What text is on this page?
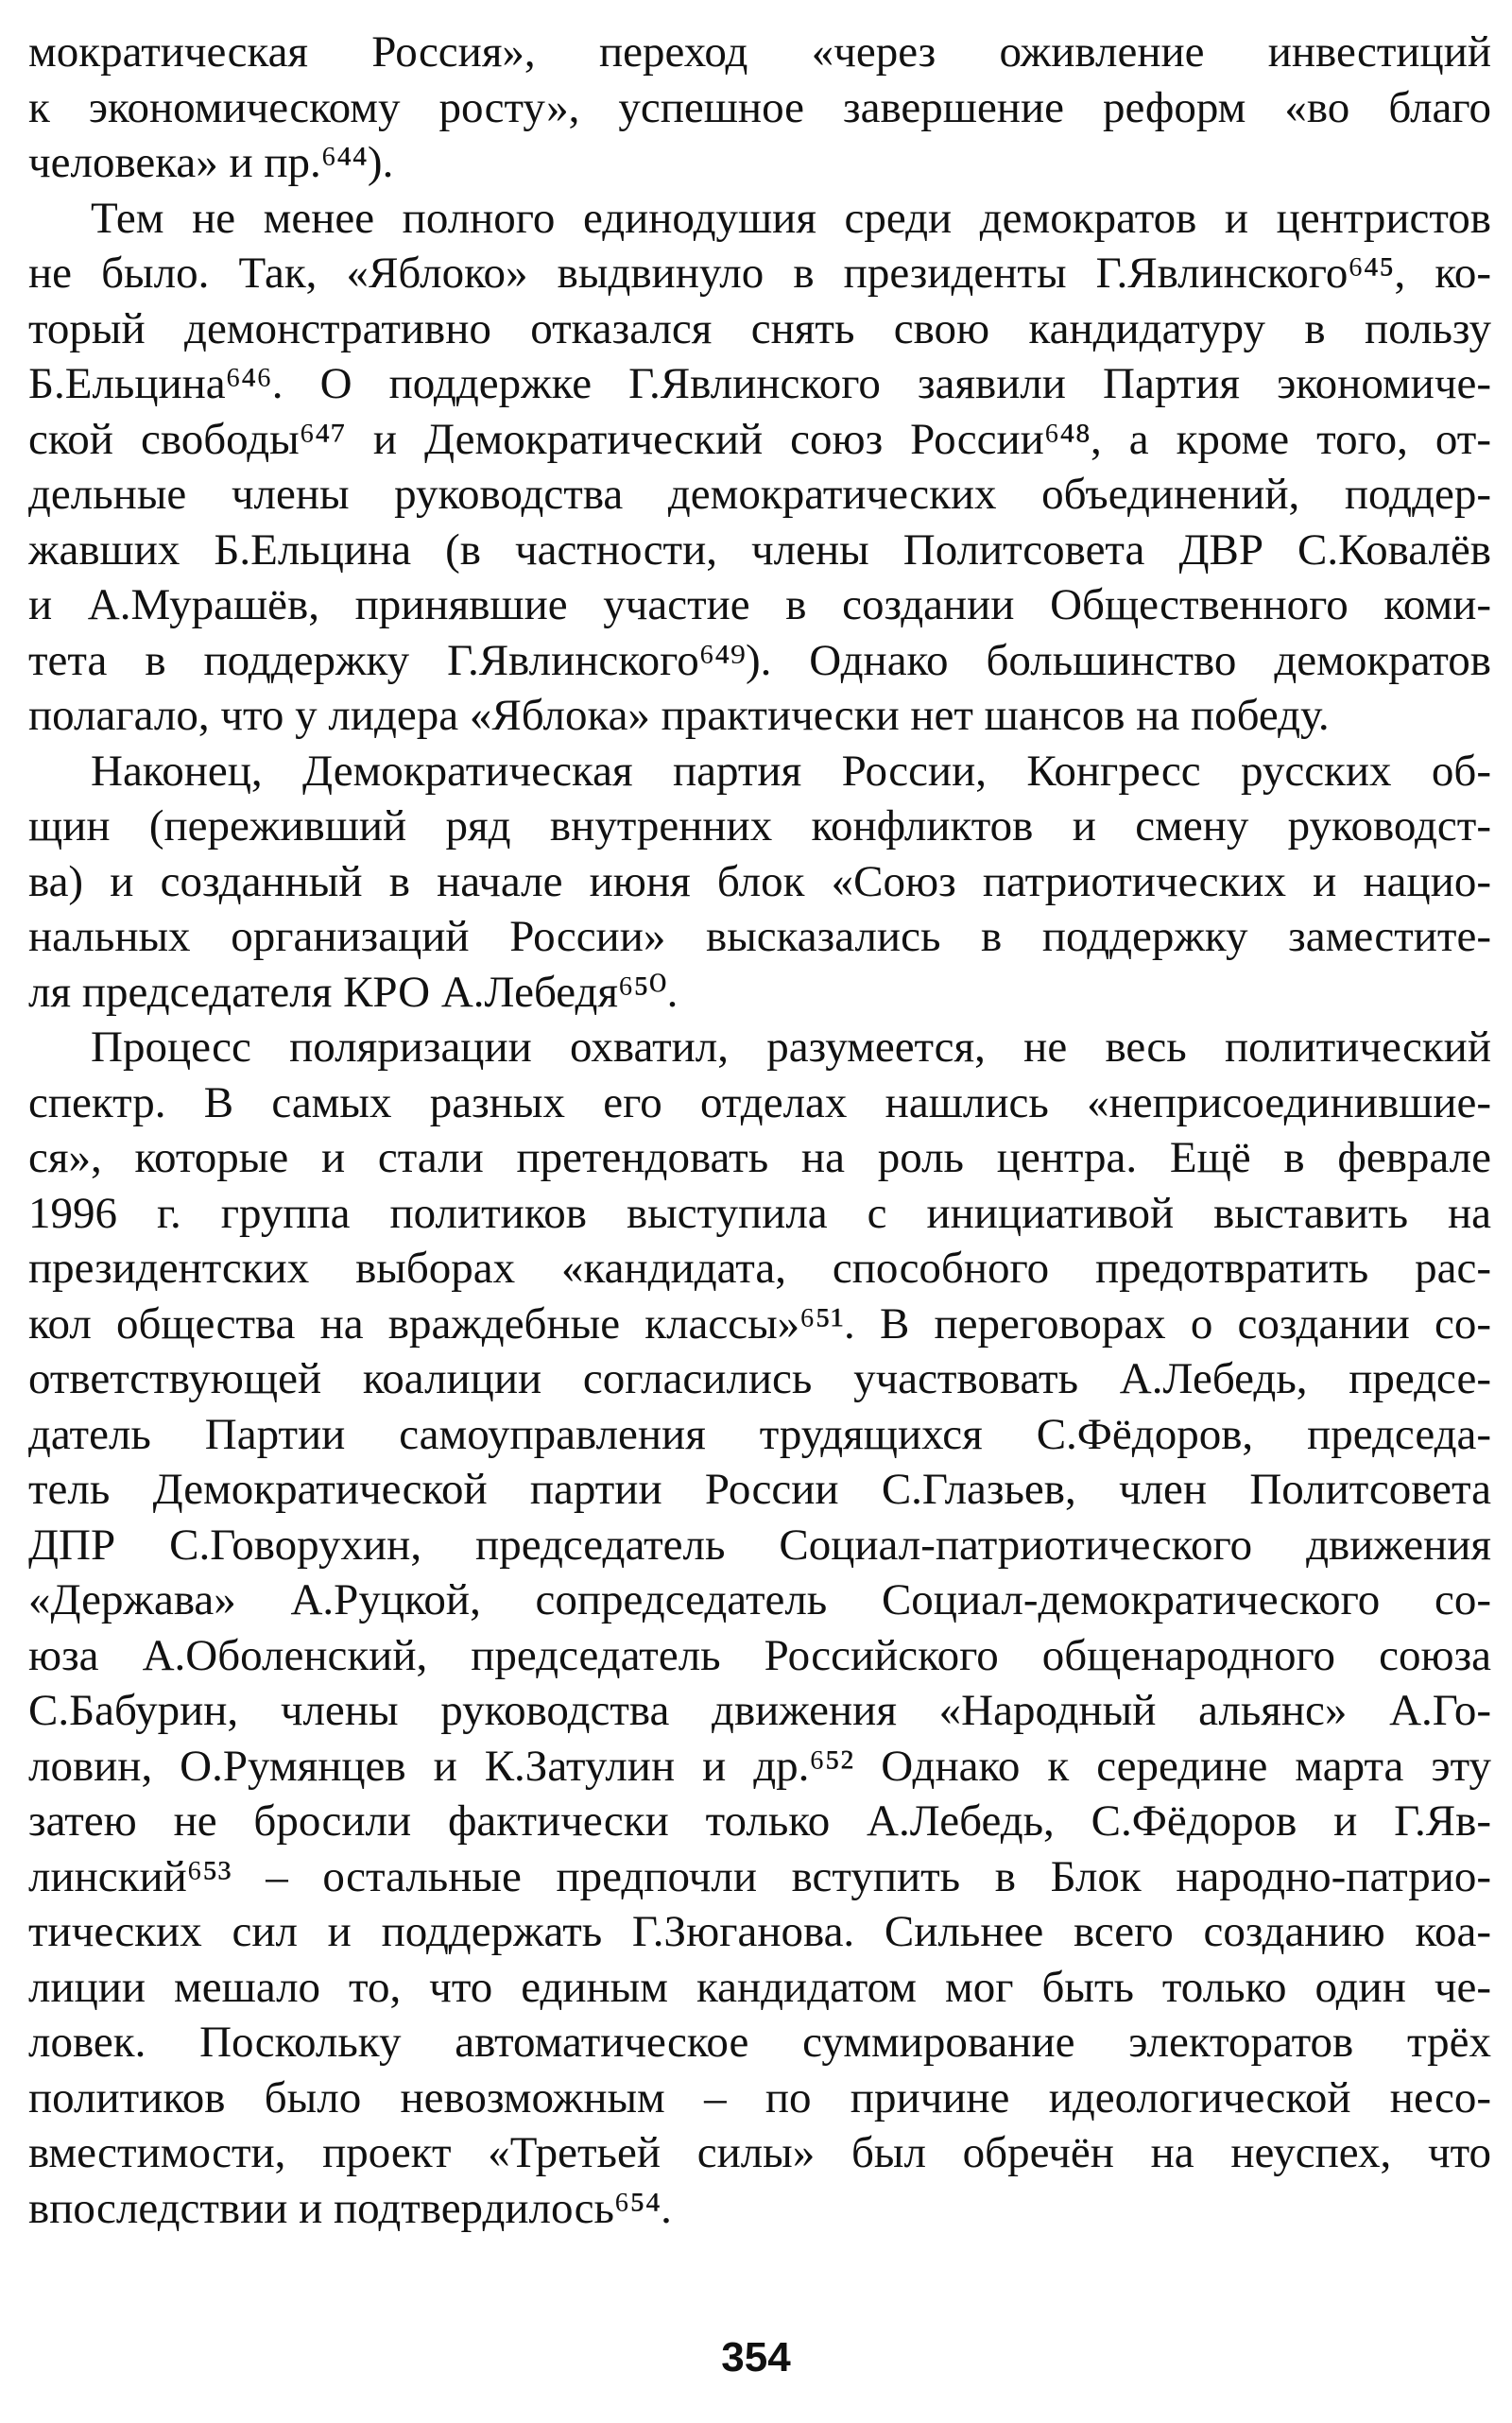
мократическая Россия», переход «через оживление инвестиций
к экономическому росту», успешное завершение реформ «во благо
человека» и пр.⁶⁴⁴).

Тем не менее полного единодушия среди демократов и центристов
не было. Так, «Яблоко» выдвинуло в президенты Г.Явлинского⁶⁴⁵, ко-
торый демонстративно отказался снять свою кандидатуру в пользу
Б.Ельцина⁶⁴⁶. О поддержке Г.Явлинского заявили Партия экономиче-
ской свободы⁶⁴⁷ и Демократический союз России⁶⁴⁸, а кроме того, от-
дельные члены руководства демократических объединений, поддер-
жавших Б.Ельцина (в частности, члены Политсовета ДВР С.Ковалёв
и А.Мурашёв, принявшие участие в создании Общественного коми-
тета в поддержку Г.Явлинского⁶⁴⁹). Однако большинство демократов
полагало, что у лидера «Яблока» практически нет шансов на победу.

Наконец, Демократическая партия России, Конгресс русских об-
щин (переживший ряд внутренних конфликтов и смену руководст-
ва) и созданный в начале июня блок «Союз патриотических и нацио-
нальных организаций России» высказались в поддержку заместите-
ля председателя КРО А.Лебедя⁶⁵⁰.

Процесс поляризации охватил, разумеется, не весь политический
спектр. В самых разных его отделах нашлись «неприсоединившие-
ся», которые и стали претендовать на роль центра. Ещё в феврале
1996 г. группа политиков выступила с инициативой выставить на
президентских выборах «кандидата, способного предотвратить рас-
кол общества на враждебные классы»⁶⁵¹. В переговорах о создании со-
ответствующей коалиции согласились участвовать А.Лебедь, предсе-
датель Партии самоуправления трудящихся С.Фёдоров, председа-
тель Демократической партии России С.Глазьев, член Политсовета
ДПР С.Говорухин, председатель Социал-патриотического движения
«Держава» А.Руцкой, сопредседатель Социал-демократического со-
юза А.Оболенский, председатель Российского общенародного союза
С.Бабурин, члены руководства движения «Народный альянс» А.Го-
ловин, О.Румянцев и К.Затулин и др.⁶⁵² Однако к середине марта эту
затею не бросили фактически только А.Лебедь, С.Фёдоров и Г.Яв-
линский⁶⁵³ – остальные предпочли вступить в Блок народно-патрио-
тических сил и поддержать Г.Зюганова. Сильнее всего созданию коа-
лиции мешало то, что единым кандидатом мог быть только один че-
ловек. Поскольку автоматическое суммирование электоратов трёх
политиков было невозможным – по причине идеологической несо-
вместимости, проект «Третьей силы» был обречён на неуспех, что
впоследствии и подтвердилось⁶⁵⁴.

354
